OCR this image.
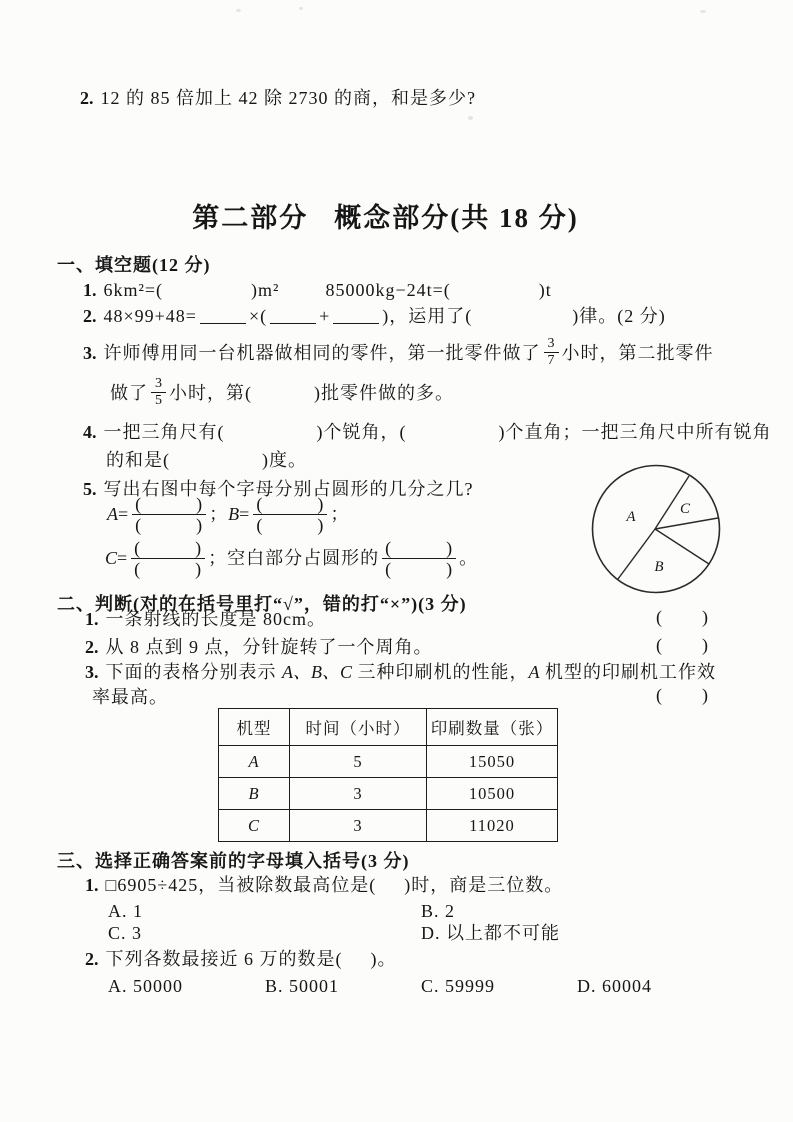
2. 12 的 85 倍加上 42 除 2730 的商，和是多少?
第二部分 概念部分(共 18 分)
一、填空题(12 分)
1. 6km²=(	)m²	85000kg−24t=(	)t
2. 48×99+48=	×(	+	)，运用了(	)律。(2 分)
3. 许师傅用同一台机器做相同的零件，第一批零件做了 $\frac{3}{7}$ 小时，第二批零件
做了 $\frac{3}{5}$ 小时，第(	)批零件做的多。
4. 一把三角尺有(	)个锐角，(	)个直角；一把三角尺中所有锐角
的和是(	)度。
5. 写出右图中每个字母分别占圆形的几分之几?
A= (	)
(	)
；B= (	)
(	)
；
C= (	)
(	)
；空白部分占圆形的 (	)
(	)
。
A	C
B
二、判断(对的在括号里打“√”，错的打“×”)(3 分)
1. 一条射线的长度是 80cm。	( )
2. 从 8 点到 9 点，分针旋转了一个周角。	( )
3. 下面的表格分别表示 A、B、C 三种印刷机的性能，A 机型的印刷机工作效
率最高。	( )
机型	时间（小时）	印刷数量（张）
A	5	15050
B	3	10500
C	3	11020
三、选择正确答案前的字母填入括号(3 分)
1. □6905÷425，当被除数最高位是( )时，商是三位数。
A. 1	B. 2
C. 3	D. 以上都不可能
2. 下列各数最接近 6 万的数是( )。
A. 50000	B. 50001	C. 59999	D. 60004
